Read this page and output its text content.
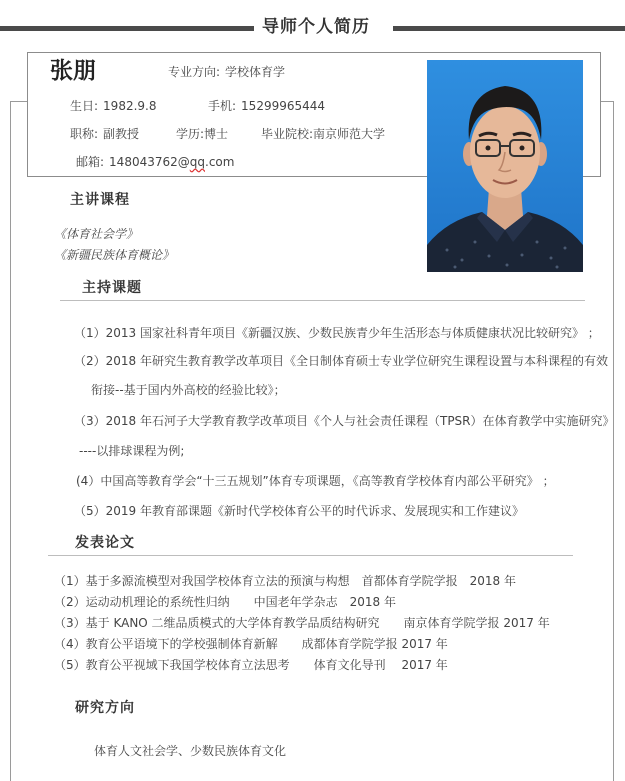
导师个人简历
张朋	专业方向: 学校体育学
生日: 1982.9.8	手机: 15299965444
职称: 副教授	学历:博士	毕业院校:南京师范大学
邮箱: 148043762@qq.com
主讲课程
《体育社会学》
《新疆民族体育概论》
主持课题
（1）2013 国家社科青年项目《新疆汉族、少数民族青少年生活形态与体质健康状况比较研究》 ；
（2）2018 年研究生教育教学改革项目《全日制体育硕士专业学位研究生课程设置与本科课程的有效
衔接--基于国内外高校的经验比较》；
（3）2018 年石河子大学教育教学改革项目《个人与社会责任课程（TPSR）在体育教学中实施研究》
----以排球课程为例;
(4）中国高等教育学会“十三五规划”体育专项课题，《高等教育学校体育内部公平研究》 ；
（5）2019 年教育部课题《新时代学校体育公平的时代诉求、发展现实和工作建议》
发表论文
（1）基于多源流模型对我国学校体育立法的预演与构想　首都体育学院学报　2018 年
（2）运动动机理论的系统性归纳　　中国老年学杂志　2018 年
（3）基于 KANO 二维品质模式的大学体育教学品质结构研究　　南京体育学院学报 2017 年
（4）教育公平语境下的学校强制体育新解　　成都体育学院学报 2017 年
（5）教育公平视域下我国学校体育立法思考　　体育文化导刊　 2017 年
研究方向
体育人文社会学、少数民族体育文化
